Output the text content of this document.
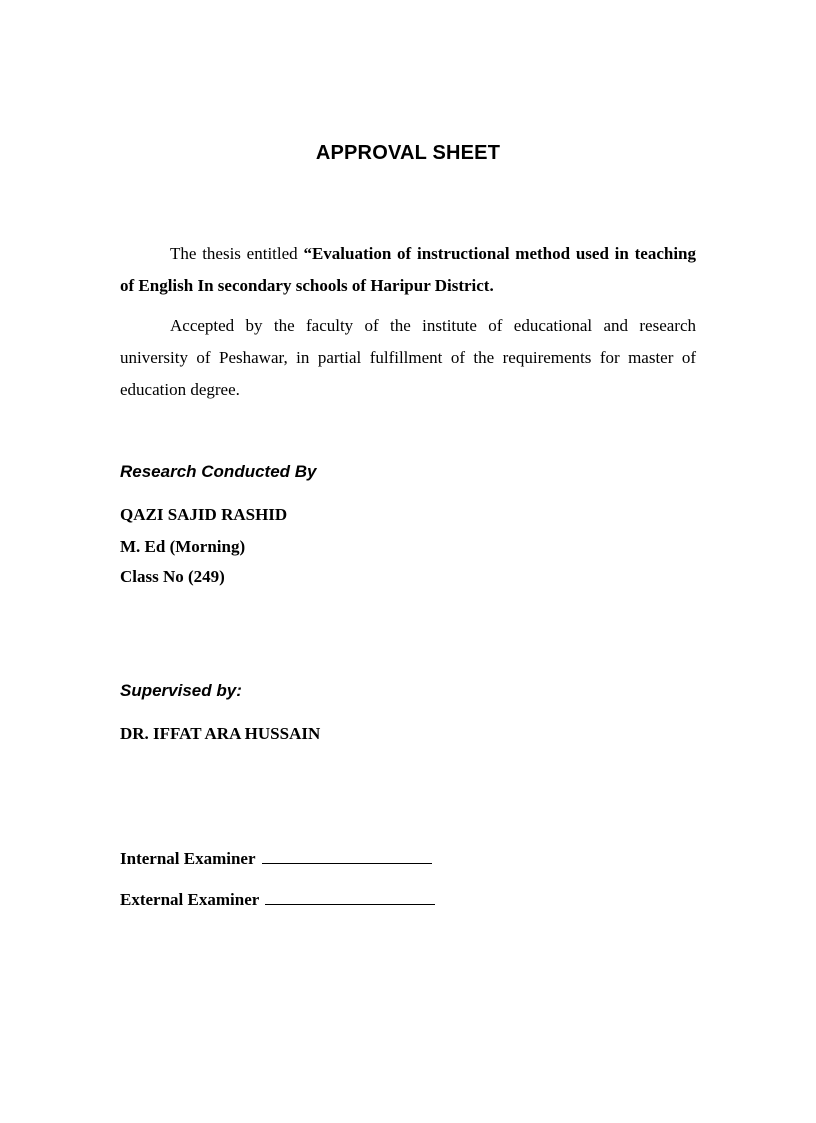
APPROVAL SHEET
The thesis entitled “Evaluation of instructional method used in teaching of English In secondary schools of Haripur District.
Accepted by the faculty of the institute of educational and research university of Peshawar, in partial fulfillment of the requirements for master of education degree.
Research Conducted By
QAZI SAJID RASHID
M. Ed (Morning)
Class No (249)
Supervised by:
DR. IFFAT ARA HUSSAIN
Internal Examiner
External Examiner
